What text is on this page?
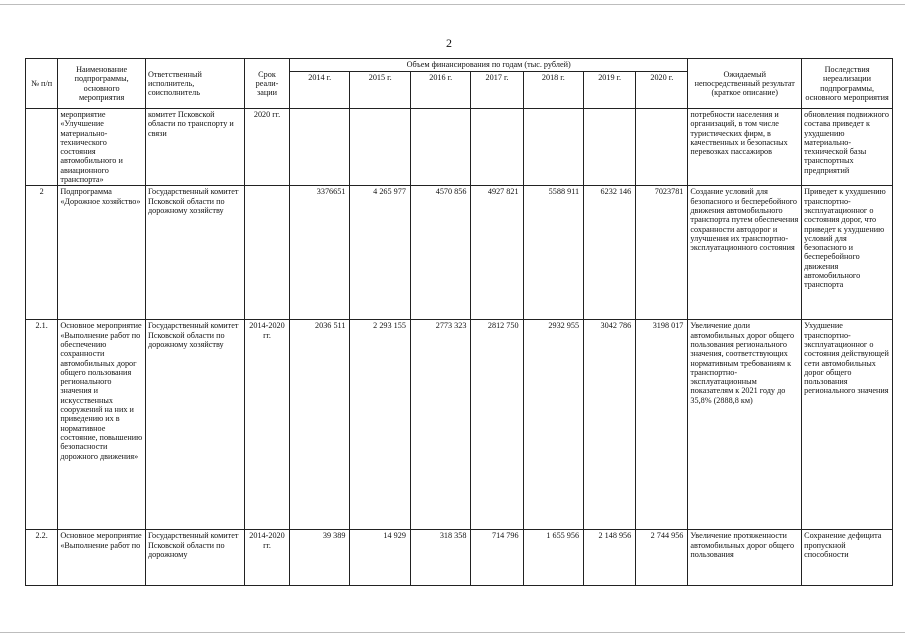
2
№ п/п	Наименование подпрограммы, основного мероприятия	Ответственный исполнитель, соисполнитель	Срок реали-зации	Объем финансирования по годам (тыс. рублей)							Ожидаемый непосредственный результат (краткое описание)	Последствия нереализации подпрограммы, основного мероприятия
				2014 г.	2015 г.	2016 г.	2017 г.	2018 г.	2019 г.	2020 г.		
	мероприятие «Улучшение материально-технического состояния автомобильного и авиационного транспорта»	комитет Псковской области по транспорту и связи	2020 гг.								потребности населения и организаций, в том числе туристических фирм, в качественных и безопасных перевозках пассажиров	обновления подвижного состава приведет к ухудшению материально-технической базы транспортных предприятий
2	Подпрограмма «Дорожное хозяйство»	Государственный комитет Псковской области по дорожному хозяйству		3376651	4 265 977	4570 856	4927 821	5588 911	6232 146	7023781	Создание условий для безопасного и бесперебойного движения автомобильного транспорта путем обеспечения сохранности автодорог и улучшения их транспортно-эксплуатационного состояния	Приведет к ухудшению транспортно-эксплуатационног о состояния дорог, что приведет к ухудшению условий для безопасного и бесперебойного движения автомобильного транспорта
2.1.	Основное мероприятие «Выполнение работ по обеспечению сохранности автомобильных дорог общего пользования регионального значения и искусственных сооружений на них и приведению их в нормативное состояние, повышению безопасности дорожного движения»	Государственный комитет Псковской области по дорожному хозяйству	2014-2020 гг.	2036 511	2 293 155	2773 323	2812 750	2932 955	3042 786	3198 017	Увеличение доли автомобильных дорог общего пользования регионального значения, соответствующих нормативным требованиям к транспортно-эксплуатационным показателям к 2021 году до 35,8% (2888,8 км)	Ухудшение транспортно-эксплуатационног о состояния действующей сети автомобильных дорог общего пользования регионального значения
2.2.	Основное мероприятие «Выполнение работ по	Государственный комитет Псковской области по дорожному	2014-2020 гг.	39 389	14 929	318 358	714 796	1 655 956	2 148 956	2 744 956	Увеличение протяженности автомобильных дорог общего пользования	Сохранение дефицита пропускной способности
